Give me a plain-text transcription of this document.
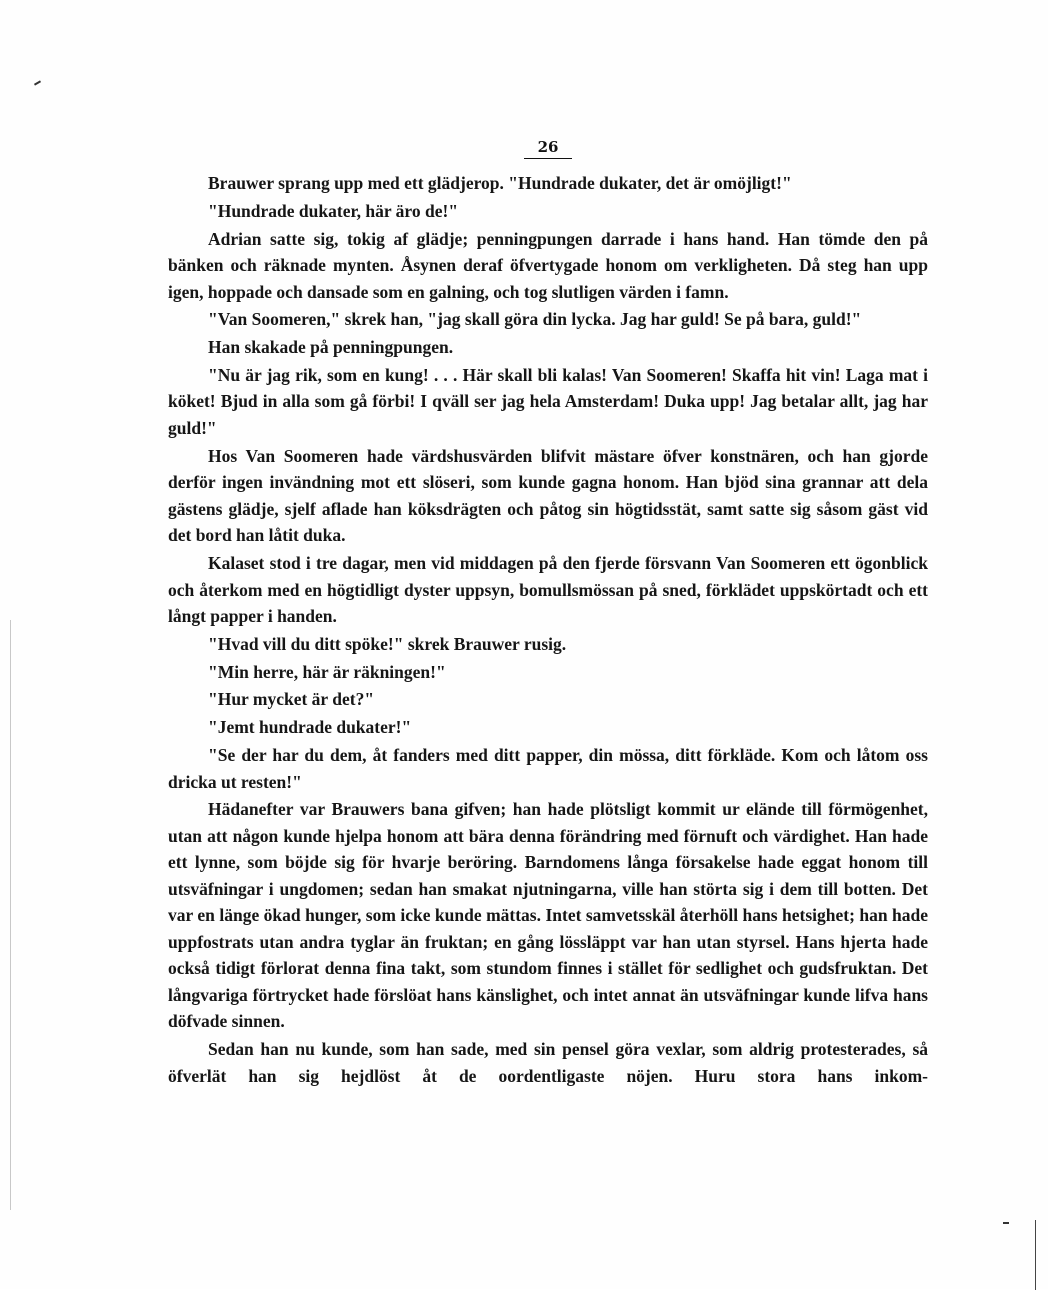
26

Brauwer sprang upp med ett glädjerop. "Hundrade dukater, det är omöjligt!"

"Hundrade dukater, här äro de!"

Adrian satte sig, tokig af glädje; penningpungen darrade i hans hand. Han tömde den på bänken och räknade mynten. Åsynen deraf öfvertygade honom om verkligheten. Då steg han upp igen, hoppade och dansade som en galning, och tog slutligen värden i famn.

"Van Soomeren," skrek han, "jag skall göra din lycka. Jag har guld! Se på bara, guld!"

Han skakade på penningpungen.

"Nu är jag rik, som en kung! . . . Här skall bli kalas! Van Soomeren! Skaffa hit vin! Laga mat i köket! Bjud in alla som gå förbi! I qväll ser jag hela Amsterdam! Duka upp! Jag betalar allt, jag har guld!"

Hos Van Soomeren hade värdshusvärden blifvit mästare öfver konstnären, och han gjorde derför ingen invändning mot ett slöseri, som kunde gagna honom. Han bjöd sina grannar att dela gästens glädje, sjelf aflade han köksdrägten och påtog sin högtidsstät, samt satte sig såsom gäst vid det bord han låtit duka.

Kalaset stod i tre dagar, men vid middagen på den fjerde försvann Van Soomeren ett ögonblick och återkom med en högtidligt dyster uppsyn, bomullsmössan på sned, förklädet uppskörtadt och ett långt papper i handen.

"Hvad vill du ditt spöke!" skrek Brauwer rusig.

"Min herre, här är räkningen!"

"Hur mycket är det?"

"Jemt hundrade dukater!"

"Se der har du dem, åt fanders med ditt papper, din mössa, ditt förkläde. Kom och låtom oss dricka ut resten!"

Hädanefter var Brauwers bana gifven; han hade plötsligt kommit ur elände till förmögenhet, utan att någon kunde hjelpa honom att bära denna förändring med förnuft och värdighet. Han hade ett lynne, som böjde sig för hvarje beröring. Barndomens långa försakelse hade eggat honom till utsväfningar i ungdomen; sedan han smakat njutningarna, ville han störta sig i dem till botten. Det var en länge ökad hunger, som icke kunde mättas. Intet samvetsskäl återhöll hans hetsighet; han hade uppfostrats utan andra tyglar än fruktan; en gång lössläppt var han utan styrsel. Hans hjerta hade också tidigt förlorat denna fina takt, som stundom finnes i stället för sedlighet och gudsfruktan. Det långvariga förtrycket hade förslöat hans känslighet, och intet annat än utsväfningar kunde lifva hans döfvade sinnen.

Sedan han nu kunde, som han sade, med sin pensel göra vexlar, som aldrig protesterades, så öfverlät han sig hejdlöst åt de oordentligaste nöjen. Huru stora hans inkom-
